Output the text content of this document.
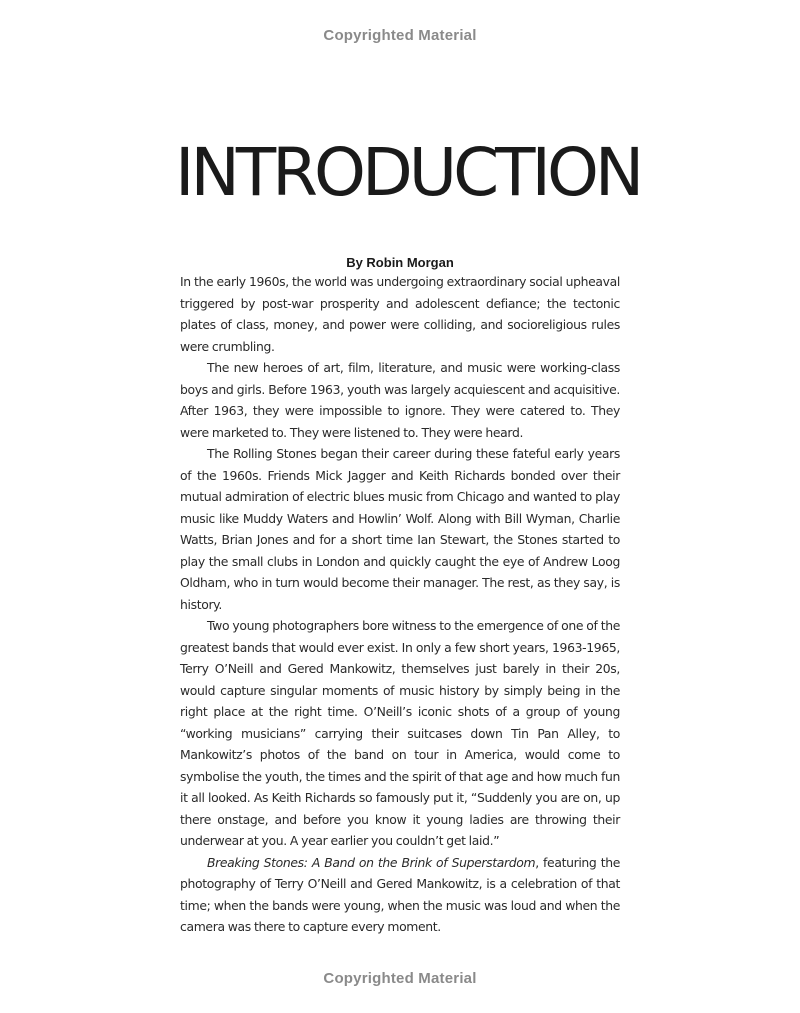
Copyrighted Material
INTRODUCTION
By Robin Morgan

In the early 1960s, the world was undergoing extraordinary social upheaval triggered by post-war prosperity and adolescent defiance; the tectonic plates of class, money, and power were colliding, and socioreligious rules were crumbling.

The new heroes of art, film, literature, and music were working-class boys and girls. Before 1963, youth was largely acquiescent and acquisitive. After 1963, they were impossible to ignore. They were catered to. They were marketed to. They were listened to. They were heard.

The Rolling Stones began their career during these fateful early years of the 1960s. Friends Mick Jagger and Keith Richards bonded over their mutual admiration of electric blues music from Chicago and wanted to play music like Muddy Waters and Howlin’ Wolf. Along with Bill Wyman, Charlie Watts, Brian Jones and for a short time Ian Stewart, the Stones started to play the small clubs in London and quickly caught the eye of Andrew Loog Oldham, who in turn would become their manager. The rest, as they say, is history.

Two young photographers bore witness to the emergence of one of the greatest bands that would ever exist. In only a few short years, 1963-1965, Terry O’Neill and Gered Mankowitz, themselves just barely in their 20s, would capture singular moments of music history by simply being in the right place at the right time. O’Neill’s iconic shots of a group of young “working musicians” carrying their suitcases down Tin Pan Alley, to Mankowitz’s photos of the band on tour in America, would come to symbolise the youth, the times and the spirit of that age and how much fun it all looked. As Keith Richards so famously put it, “Suddenly you are on, up there onstage, and before you know it young ladies are throwing their underwear at you. A year earlier you couldn’t get laid.”

Breaking Stones: A Band on the Brink of Superstardom, featuring the photography of Terry O’Neill and Gered Mankowitz, is a celebration of that time; when the bands were young, when the music was loud and when the camera was there to capture every moment.

Copyrighted Material
